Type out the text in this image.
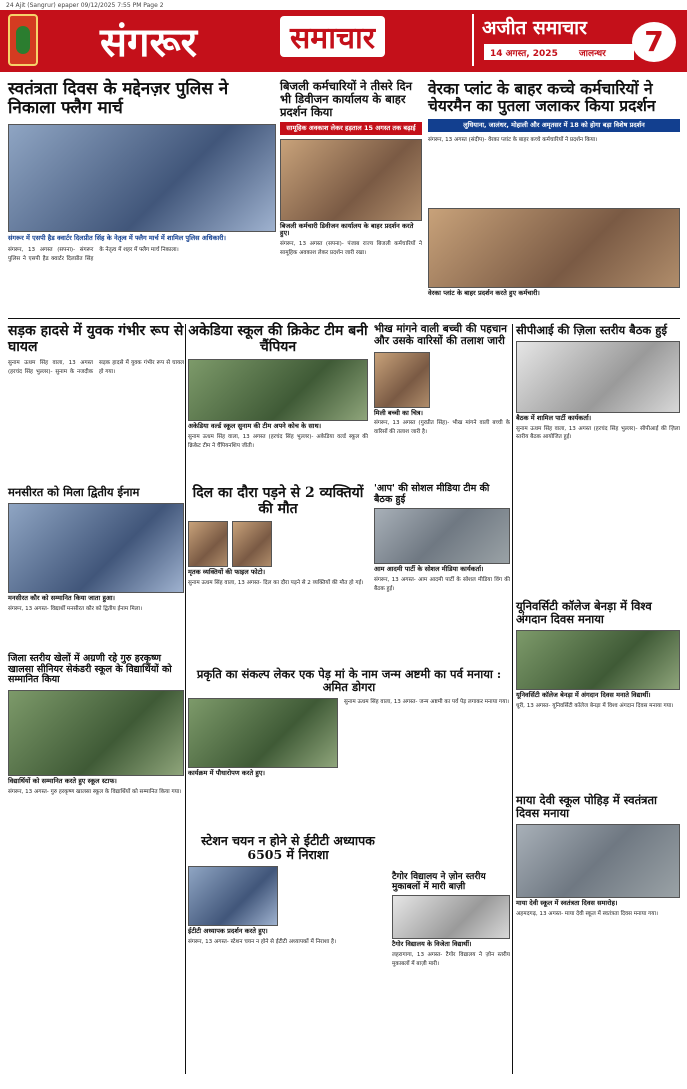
24 Ajit (Sangrur) epaper 09/12/2025 7:55 PM Page 2
संगरूर	समाचार	अजीत समाचार
14 अगस्त, 2025 जालन्धर	7
स्वतंत्रता दिवस के मद्देनज़र पुलिस ने निकाला फ्लैग मार्च
संगरूर में एसपी हैड क्वार्टर दिलप्रीत सिंह के नेतृत्व में फ्लैग मार्च में शामिल पुलिस अधिकारी।
संगरूर, 13 अगस्त (सपना)- संगरूर पुलिस ने एसपी हैड क्वार्टर दिलप्रीत सिंह के नेतृत्व में शहर में फ्लैग मार्च निकाला।
बिजली कर्मचारियों ने तीसरे दिन भी डिवीजन कार्यालय के बाहर प्रदर्शन किया
सामूहिक अवकाश लेकर हड़ताल 15 अगस्त तक बढ़ाई
बिजली कर्मचारी डिवीजन कार्यालय के बाहर प्रदर्शन करते हुए।
संगरूर, 13 अगस्त (सपना)- पंजाब राज्य बिजली कर्मचारियों ने सामूहिक अवकाश लेकर प्रदर्शन जारी रखा।
वेरका प्लांट के बाहर कच्चे कर्मचारियों ने चेयरमैन का पुतला जलाकर किया प्रदर्शन
लुधियाना, जालंधर, मोहाली और अमृतसर में 18 को होगा बड़ा विशेष प्रदर्शन
संगरूर, 13 अगस्त (संदीप)- वेरका प्लांट के बाहर कच्चे कर्मचारियों ने प्रदर्शन किया।
वेरका प्लांट के बाहर प्रदर्शन करते हुए कर्मचारी।
सड़क हादसे में युवक गंभीर रूप से घायल
सुनाम ऊधम सिंह वाला, 13 अगस्त (हरचंद सिंह भुल्लर)- सुनाम के नजदीक सड़क हादसे में युवक गंभीर रूप से घायल हो गया।
अकेडिया स्कूल की क्रिकेट टीम बनी चैंपियन
अकेडिया वर्ल्ड स्कूल सुनाम की टीम अपने कोच के साथ।
सुनाम ऊधम सिंह वाला, 13 अगस्त (हरचंद सिंह भुल्लर)- अकेडिया वर्ल्ड स्कूल की क्रिकेट टीम ने चैंपियनशिप जीती।
भीख मांगने वाली बच्ची की पहचान और उसके वारिसों की तलाश जारी
मिली बच्ची का चित्र।
संगरूर, 13 अगस्त (गुरप्रीत सिंह)- भीख मांगने वाली बच्ची के वारिसों की तलाश जारी है।
सीपीआई की ज़िला स्तरीय बैठक हुई
बैठक में शामिल पार्टी कार्यकर्ता।
सुनाम ऊधम सिंह वाला, 13 अगस्त (हरचंद सिंह भुल्लर)- सीपीआई की ज़िला स्तरीय बैठक आयोजित हुई।
मनसीरत को मिला द्वितीय ईनाम
मनसीरत कौर को सम्मानित किया जाता हुआ।
संगरूर, 13 अगस्त- विद्यार्थी मनसीरत कौर को द्वितीय ईनाम मिला।
'आप' की सोशल मीडिया टीम की बैठक हुई
आम आदमी पार्टी के सोशल मीडिया कार्यकर्ता।
संगरूर, 13 अगस्त- आम आदमी पार्टी के सोशल मीडिया विंग की बैठक हुई।
दिल का दौरा पड़ने से 2 व्यक्तियों की मौत
मृतक व्यक्तियों की फाइल फोटो।
सुनाम ऊधम सिंह वाला, 13 अगस्त- दिल का दौरा पड़ने से 2 व्यक्तियों की मौत हो गई।
यूनिवर्सिटी कॉलेज बेनड़ा में विश्व अंगदान दिवस मनाया
यूनिवर्सिटी कॉलेज बेनड़ा में अंगदान दिवस मनाते विद्यार्थी।
धूरी, 13 अगस्त- यूनिवर्सिटी कॉलेज बेनड़ा में विश्व अंगदान दिवस मनाया गया।
जिला स्तरीय खेलों में अग्रणी रहे गुरु हरकृष्ण खालसा सीनियर सेकंडरी स्कूल के विद्यार्थियों को सम्मानित किया
विद्यार्थियों को सम्मानित करते हुए स्कूल स्टाफ।
संगरूर, 13 अगस्त- गुरु हरकृष्ण खालसा स्कूल के विद्यार्थियों को सम्मानित किया गया।
प्रकृति का संकल्प लेकर एक पेड़ मां के नाम जन्म अष्टमी का पर्व मनाया : अमित डोगरा
कार्यक्रम में पौधारोपण करते हुए।
सुनाम ऊधम सिंह वाला, 13 अगस्त- जन्म अष्टमी का पर्व पेड़ लगाकर मनाया गया।
माया देवी स्कूल पोहिड़ में स्वतंत्रता दिवस मनाया
माया देवी स्कूल में स्वतंत्रता दिवस समारोह।
अहमदगढ़, 13 अगस्त- माया देवी स्कूल में स्वतंत्रता दिवस मनाया गया।
स्टेशन चयन न होने से ईटीटी अध्यापक 6505 में निराशा
ईटीटी अध्यापक प्रदर्शन करते हुए।
संगरूर, 13 अगस्त- स्टेशन चयन न होने से ईटीटी अध्यापकों में निराशा है।
टैगोर विद्यालय ने ज़ोन स्तरीय मुकाबलों में मारी बाज़ी
टैगोर विद्यालय के विजेता विद्यार्थी।
लहरागागा, 13 अगस्त- टैगोर विद्यालय ने ज़ोन स्तरीय मुकाबलों में बाज़ी मारी।
